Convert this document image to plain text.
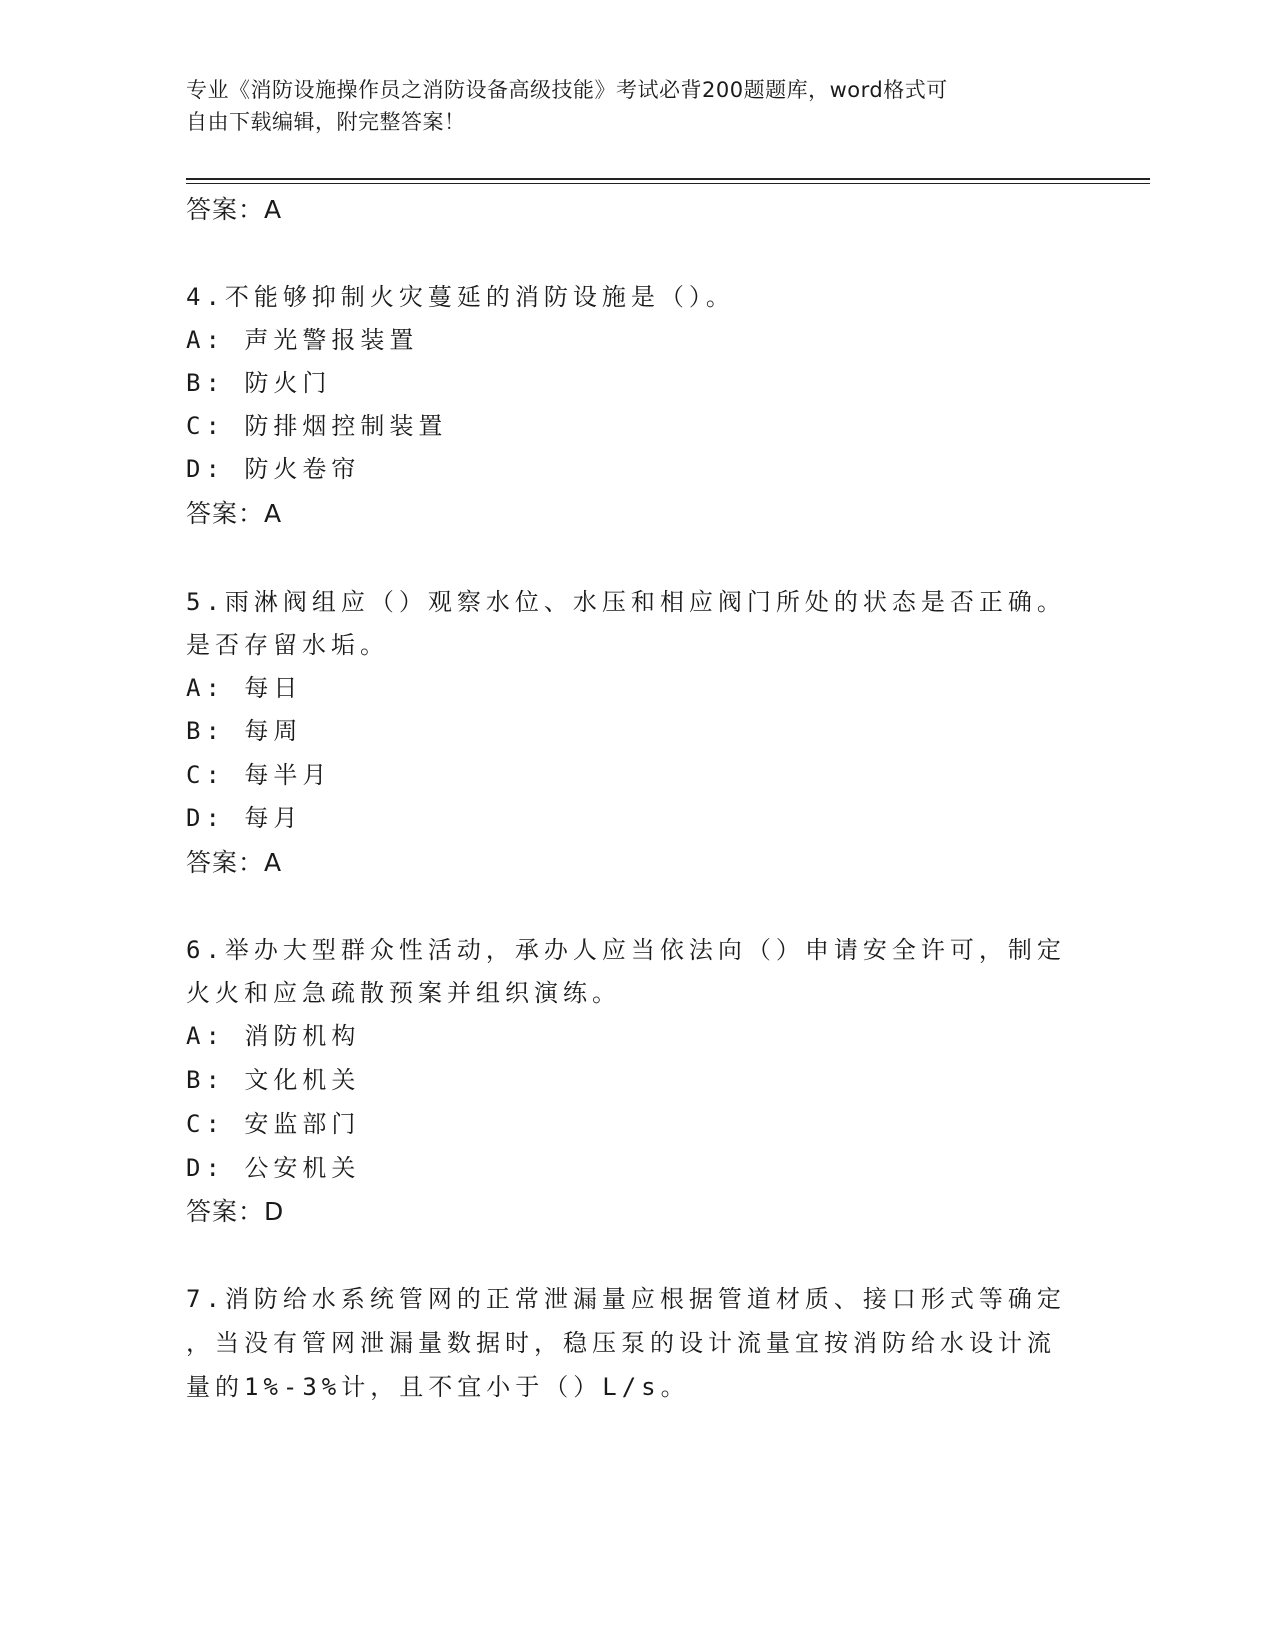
专业《消防设施操作员之消防设备高级技能》考试必背200题题库，word格式可
自由下载编辑，附完整答案！
答案：A
4.不能够抑制火灾蔓延的消防设施是（）。
A: 声光警报装置
B: 防火门
C: 防排烟控制装置
D: 防火卷帘
答案：A
5.雨淋阀组应（）观察水位、水压和相应阀门所处的状态是否正确。
是否存留水垢。
A: 每日
B: 每周
C: 每半月
D: 每月
答案：A
6.举办大型群众性活动，承办人应当依法向（）申请安全许可，制定
火火和应急疏散预案并组织演练。
A: 消防机构
B: 文化机关
C: 安监部门
D: 公安机关
答案：D
7.消防给水系统管网的正常泄漏量应根据管道材质、接口形式等确定
，当没有管网泄漏量数据时，稳压泵的设计流量宜按消防给水设计流
量的1%-3%计，且不宜小于（）L/s。
